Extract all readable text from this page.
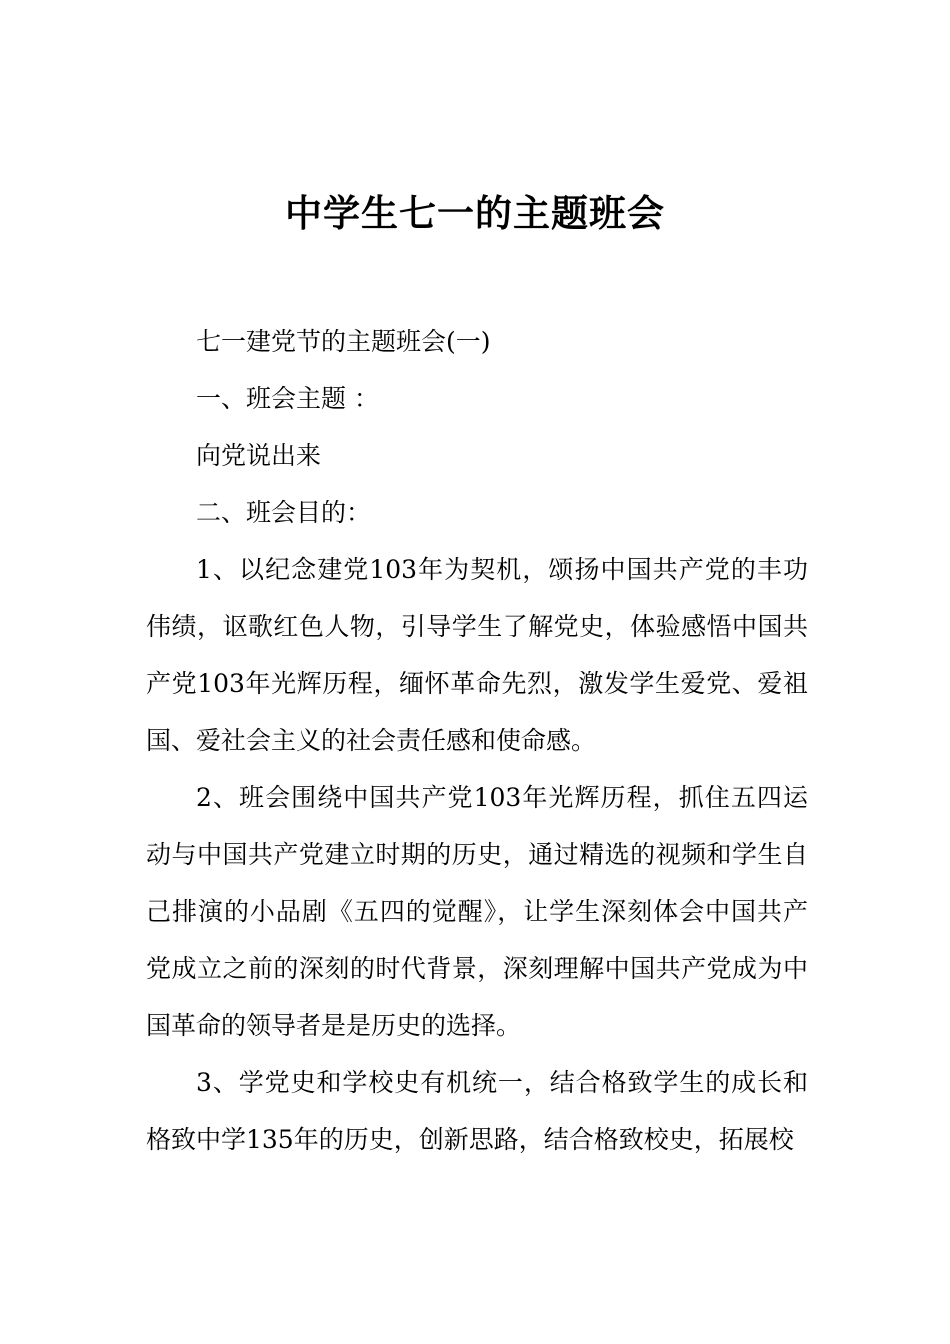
中学生七一的主题班会

七一建党节的主题班会(一)

一、班会主题 ：

向党说出来

二、班会目的：

1、以纪念建党103年为契机，颂扬中国共产党的丰功伟绩，讴歌红色人物，引导学生了解党史，体验感悟中国共产党103年光辉历程，缅怀革命先烈，激发学生爱党、爱祖国、爱社会主义的社会责任感和使命感。

2、班会围绕中国共产党103年光辉历程，抓住五四运动与中国共产党建立时期的历史，通过精选的视频和学生自己排演的小品剧《五四的觉醒》，让学生深刻体会中国共产党成立之前的深刻的时代背景，深刻理解中国共产党成为中国革命的领导者是是历史的选择。

3、学党史和学校史有机统一，结合格致学生的成长和格致中学135年的历史，创新思路，结合格致校史，拓展校
